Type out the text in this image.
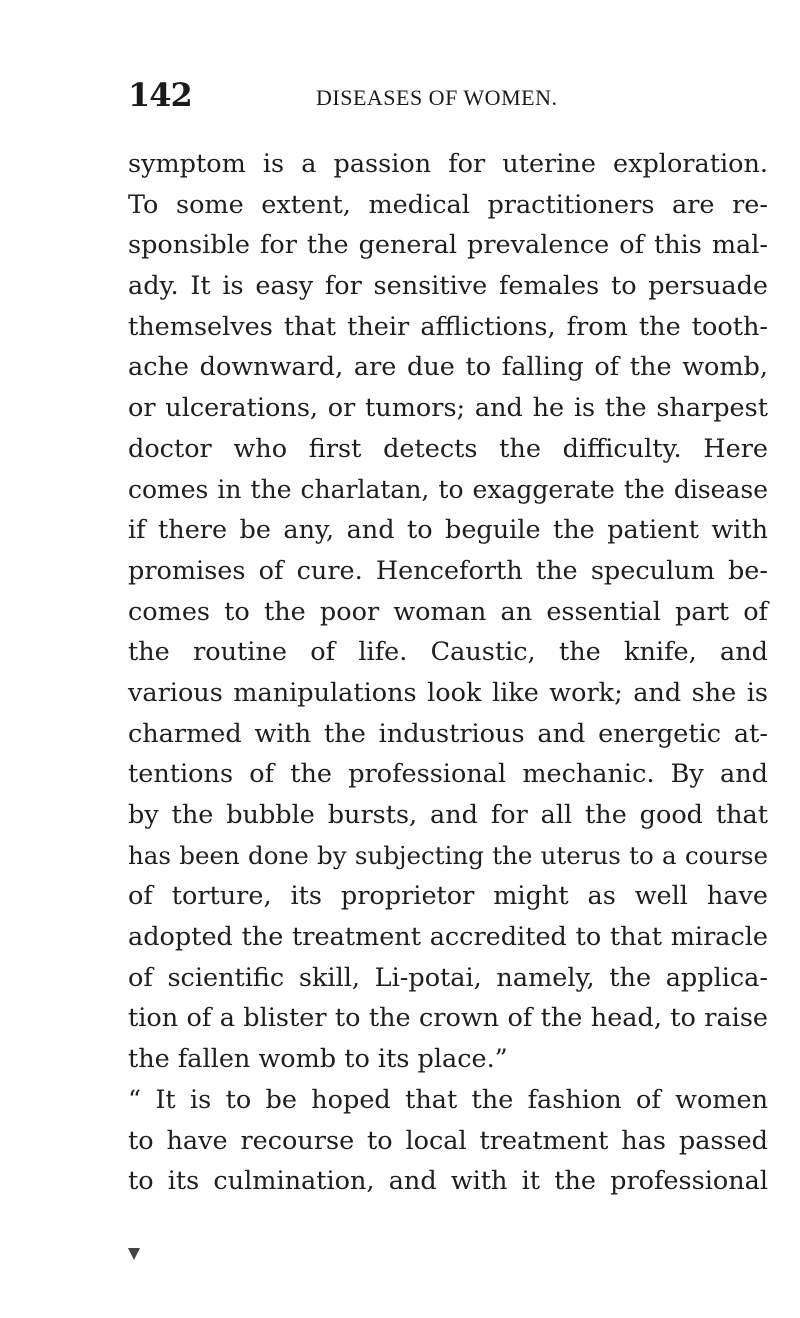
142	DISEASES OF WOMEN.
symptom is a passion for uterine exploration.
To some extent, medical practitioners are re-
sponsible for the general prevalence of this mal-
ady. It is easy for sensitive females to persuade
themselves that their afflictions, from the tooth-
ache downward, are due to falling of the womb,
or ulcerations, or tumors; and he is the sharpest
doctor who first detects the difficulty. Here
comes in the charlatan, to exaggerate the disease
if there be any, and to beguile the patient with
promises of cure. Henceforth the speculum be-
comes to the poor woman an essential part of
the routine of life. Caustic, the knife, and
various manipulations look like work; and she is
charmed with the industrious and energetic at-
tentions of the professional mechanic. By and
by the bubble bursts, and for all the good that
has been done by subjecting the uterus to a course
of torture, its proprietor might as well have
adopted the treatment accredited to that miracle
of scientific skill, Li-potai, namely, the applica-
tion of a blister to the crown of the head, to raise
the fallen womb to its place.”
“ It is to be hoped that the fashion of women
to have recourse to local treatment has passed
to its culmination, and with it the professional
